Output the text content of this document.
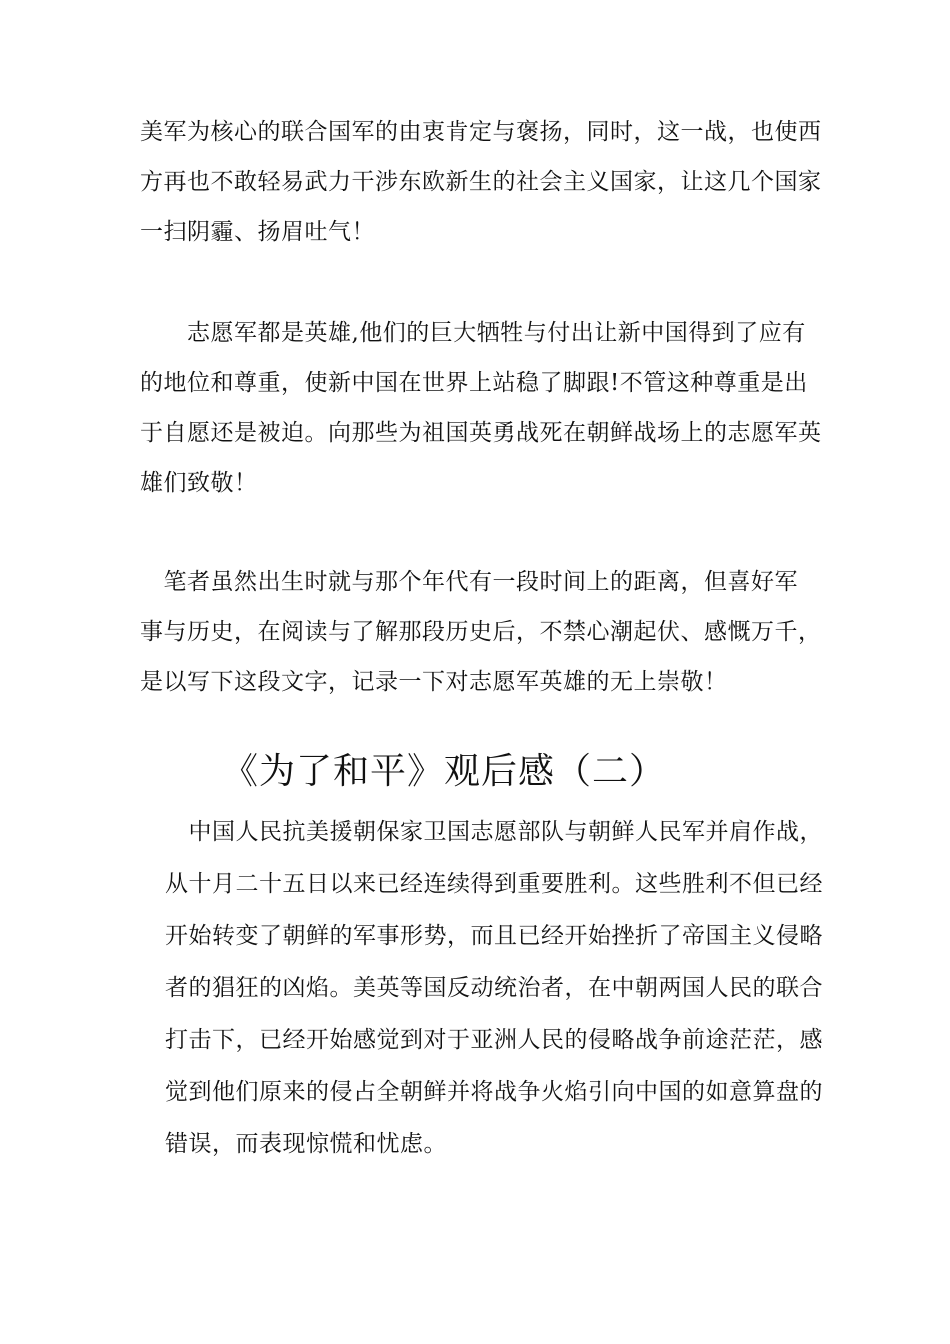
美军为核心的联合国军的由衷肯定与褒扬，同时，这一战，也使西
方再也不敢轻易武力干涉东欧新生的社会主义国家，让这几个国家
一扫阴霾、扬眉吐气！

　　志愿军都是英雄,他们的巨大牺牲与付出让新中国得到了应有
的地位和尊重，使新中国在世界上站稳了脚跟!不管这种尊重是出
于自愿还是被迫。向那些为祖国英勇战死在朝鲜战场上的志愿军英
雄们致敬！

　笔者虽然出生时就与那个年代有一段时间上的距离，但喜好军
事与历史，在阅读与了解那段历史后，不禁心潮起伏、感慨万千，
是以写下这段文字，记录一下对志愿军英雄的无上崇敬！

《为了和平》观后感（二）

　中国人民抗美援朝保家卫国志愿部队与朝鲜人民军并肩作战，
从十月二十五日以来已经连续得到重要胜利。这些胜利不但已经
开始转变了朝鲜的军事形势，而且已经开始挫折了帝国主义侵略
者的猖狂的凶焰。美英等国反动统治者，在中朝两国人民的联合
打击下，已经开始感觉到对于亚洲人民的侵略战争前途茫茫，感
觉到他们原来的侵占全朝鲜并将战争火焰引向中国的如意算盘的
错误，而表现惊慌和忧虑。
